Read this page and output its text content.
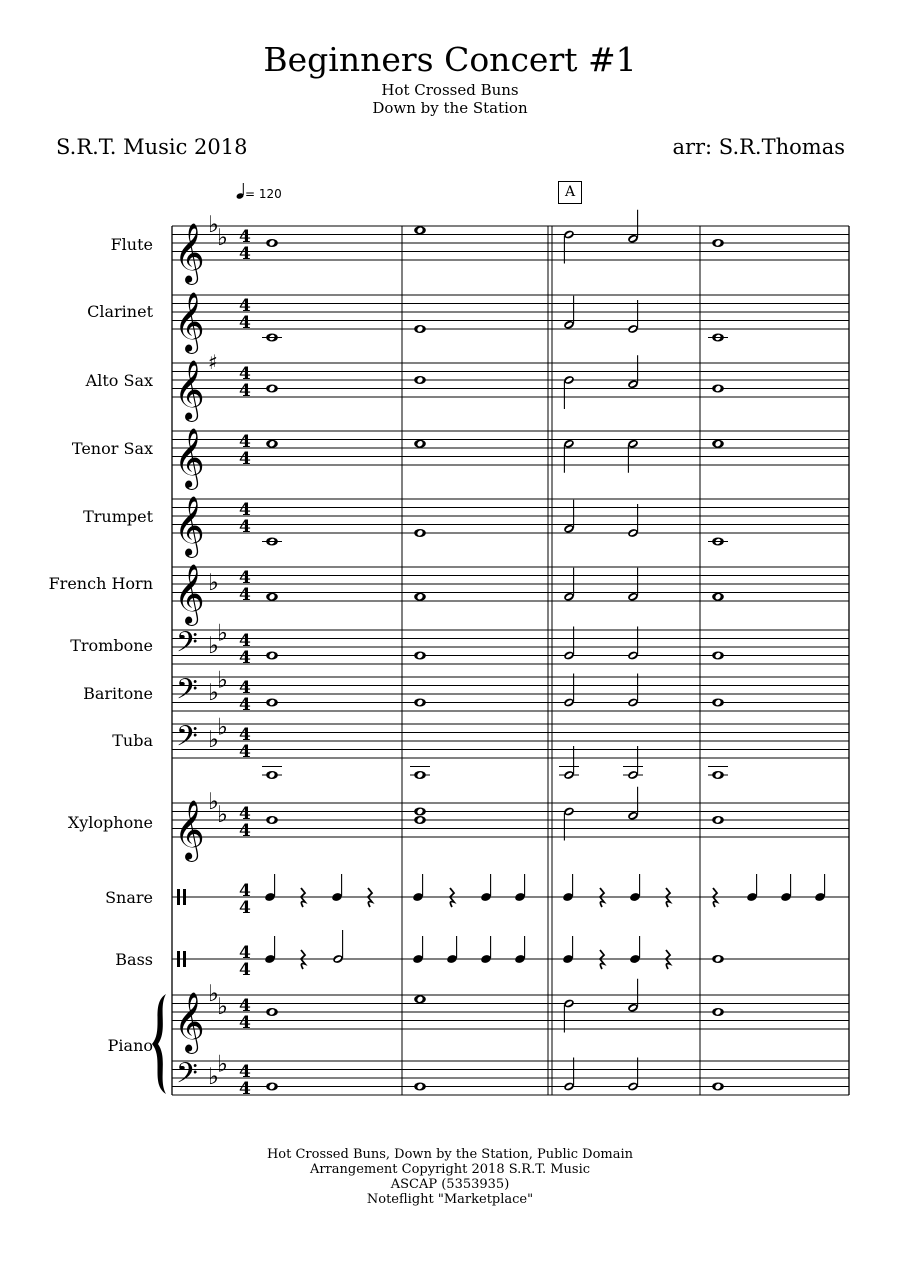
Beginners Concert #1
Hot Crossed Buns
Down by the Station
S.R.T. Music 2018	arr: S.R.Thomas
= 120	A
Flute
Clarinet
Alto Sax
Tenor Sax
Trumpet
French Horn
Trombone
Baritone
Tuba
Xylophone
Snare
Bass
Piano
𝄞
𝄞
𝄞
𝄞
𝄞
𝄞
𝄢
𝄢
𝄢
𝄞
𝄞
𝄢
♭
♭
♯
♭
♭
♭
♭
♭
♭
♭
♭
♭
♭
♭
♭
♭
4
4
4
4
4
4
4
4
4
4
4
4
4
4
4
4
4
4
4
4
4
4
4
4
4
4
4
4
Hot Crossed Buns, Down by the Station, Public Domain
Arrangement Copyright 2018 S.R.T. Music
ASCAP (5353935)
Noteflight "Marketplace"
